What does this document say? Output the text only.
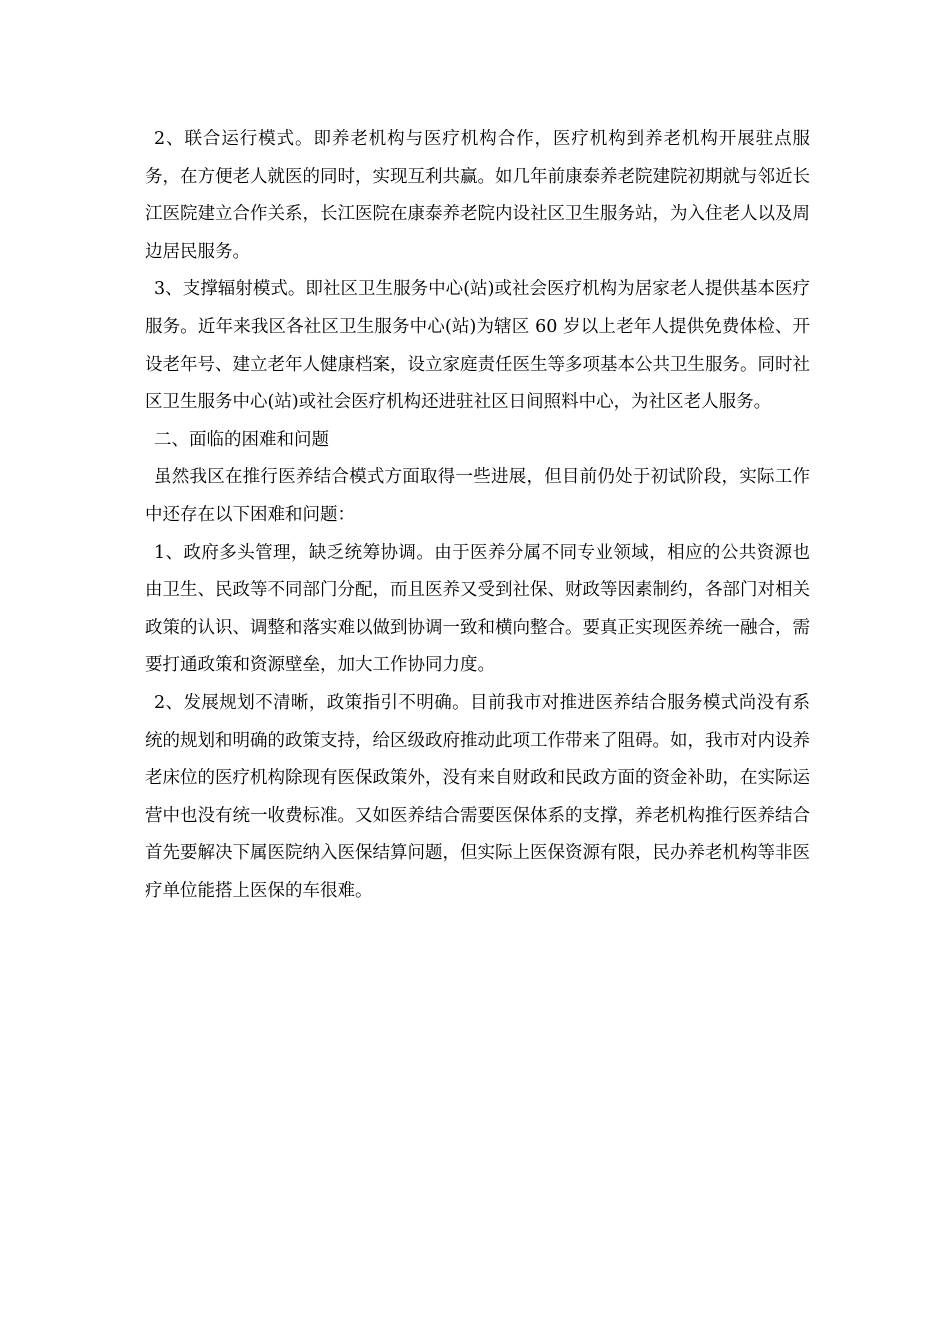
2、联合运行模式。即养老机构与医疗机构合作，医疗机构到养老机构开展驻点服务，在方便老人就医的同时，实现互利共赢。如几年前康泰养老院建院初期就与邻近长江医院建立合作关系，长江医院在康泰养老院内设社区卫生服务站，为入住老人以及周边居民服务。

3、支撑辐射模式。即社区卫生服务中心(站)或社会医疗机构为居家老人提供基本医疗服务。近年来我区各社区卫生服务中心(站)为辖区 60 岁以上老年人提供免费体检、开设老年号、建立老年人健康档案，设立家庭责任医生等多项基本公共卫生服务。同时社区卫生服务中心(站)或社会医疗机构还进驻社区日间照料中心，为社区老人服务。

二、面临的困难和问题

虽然我区在推行医养结合模式方面取得一些进展，但目前仍处于初试阶段，实际工作中还存在以下困难和问题：

1、政府多头管理，缺乏统筹协调。由于医养分属不同专业领域，相应的公共资源也由卫生、民政等不同部门分配，而且医养又受到社保、财政等因素制约，各部门对相关政策的认识、调整和落实难以做到协调一致和横向整合。要真正实现医养统一融合，需要打通政策和资源壁垒，加大工作协同力度。

2、发展规划不清晰，政策指引不明确。目前我市对推进医养结合服务模式尚没有系统的规划和明确的政策支持，给区级政府推动此项工作带来了阻碍。如，我市对内设养老床位的医疗机构除现有医保政策外，没有来自财政和民政方面的资金补助，在实际运营中也没有统一收费标准。又如医养结合需要医保体系的支撑，养老机构推行医养结合首先要解决下属医院纳入医保结算问题，但实际上医保资源有限，民办养老机构等非医疗单位能搭上医保的车很难。
